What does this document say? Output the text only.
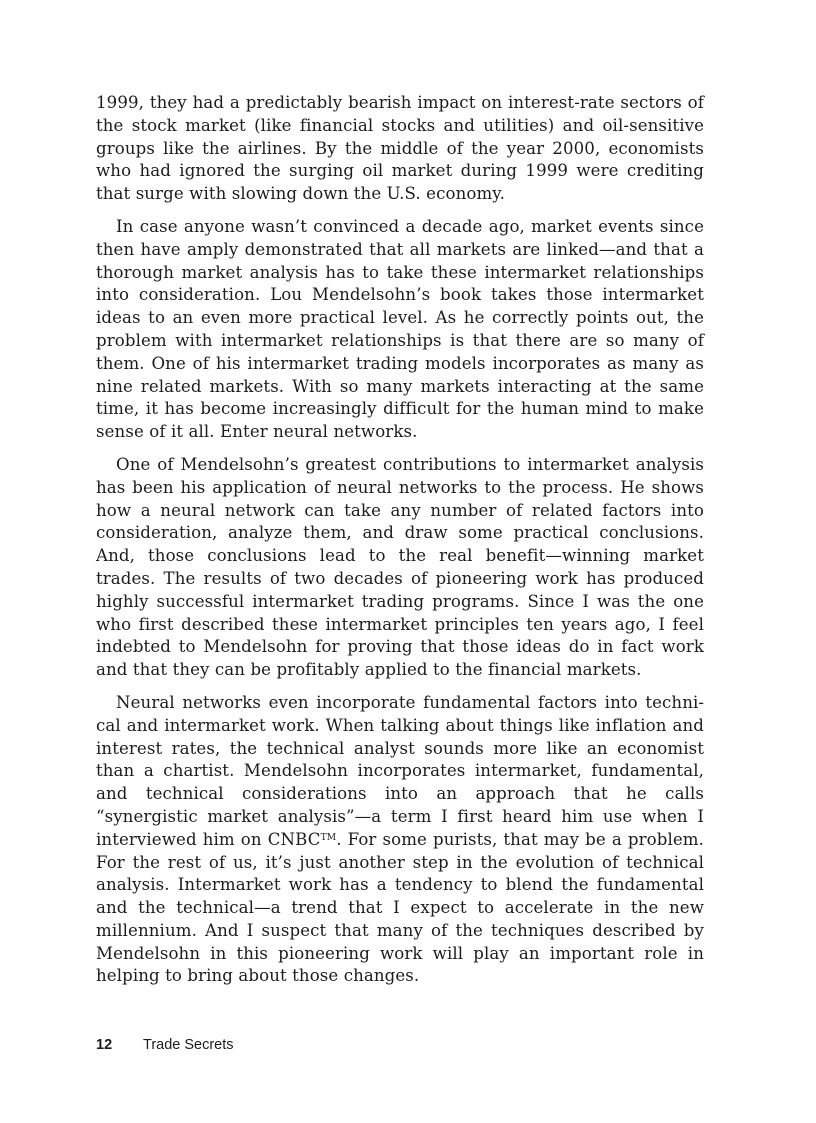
1999, they had a predictably bearish impact on interest-rate sectors of the stock market (like financial stocks and utilities) and oil-sensitive groups like the airlines. By the middle of the year 2000, economists who had ignored the surging oil market during 1999 were crediting that surge with slowing down the U.S. economy.

In case anyone wasn’t convinced a decade ago, market events since then have amply demonstrated that all markets are linked—and that a thorough market analysis has to take these intermarket relationships into consideration. Lou Mendelsohn’s book takes those intermarket ideas to an even more practical level. As he correctly points out, the problem with intermarket relationships is that there are so many of them. One of his intermarket trading models incorporates as many as nine related markets. With so many markets interacting at the same time, it has become increasingly difficult for the human mind to make sense of it all. Enter neural networks.

One of Mendelsohn’s greatest contributions to intermarket analysis has been his application of neural networks to the process. He shows how a neural network can take any number of related factors into consideration, analyze them, and draw some practical conclusions. And, those conclusions lead to the real benefit—winning market trades. The results of two decades of pioneering work has produced highly successful intermarket trading programs. Since I was the one who first described these intermarket principles ten years ago, I feel indebted to Mendelsohn for proving that those ideas do in fact work and that they can be profitably applied to the financial markets.

Neural networks even incorporate fundamental factors into technical and intermarket work. When talking about things like inflation and interest rates, the technical analyst sounds more like an economist than a chartist. Mendelsohn incorporates intermarket, fundamental, and technical considerations into an approach that he calls “synergistic market analysis”—a term I first heard him use when I interviewed him on CNBC™. For some purists, that may be a problem. For the rest of us, it’s just another step in the evolution of technical analysis. Intermarket work has a tendency to blend the fundamental and the technical—a trend that I expect to accelerate in the new millennium. And I suspect that many of the techniques described by Mendelsohn in this pioneering work will play an important role in helping to bring about those changes.

12 Trade Secrets
